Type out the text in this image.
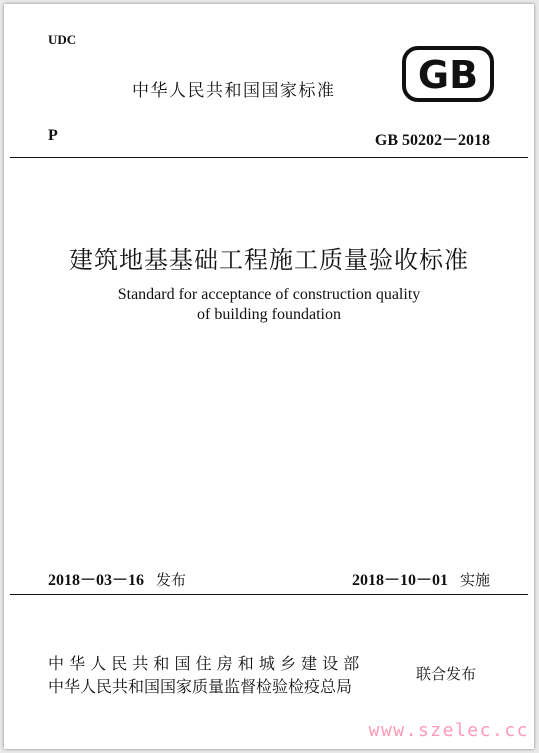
UDC
中华人民共和国国家标准 GB
P	GB 50202－2018
建筑地基基础工程施工质量验收标准
Standard for acceptance of construction quality
of building foundation
2018－03－16 发布	2018－10－01 实施
中 华 人 民 共 和 国 住 房 和 城 乡 建 设 部
中华人民共和国国家质量监督检验检疫总局
联合发布
www.szelec.cc
